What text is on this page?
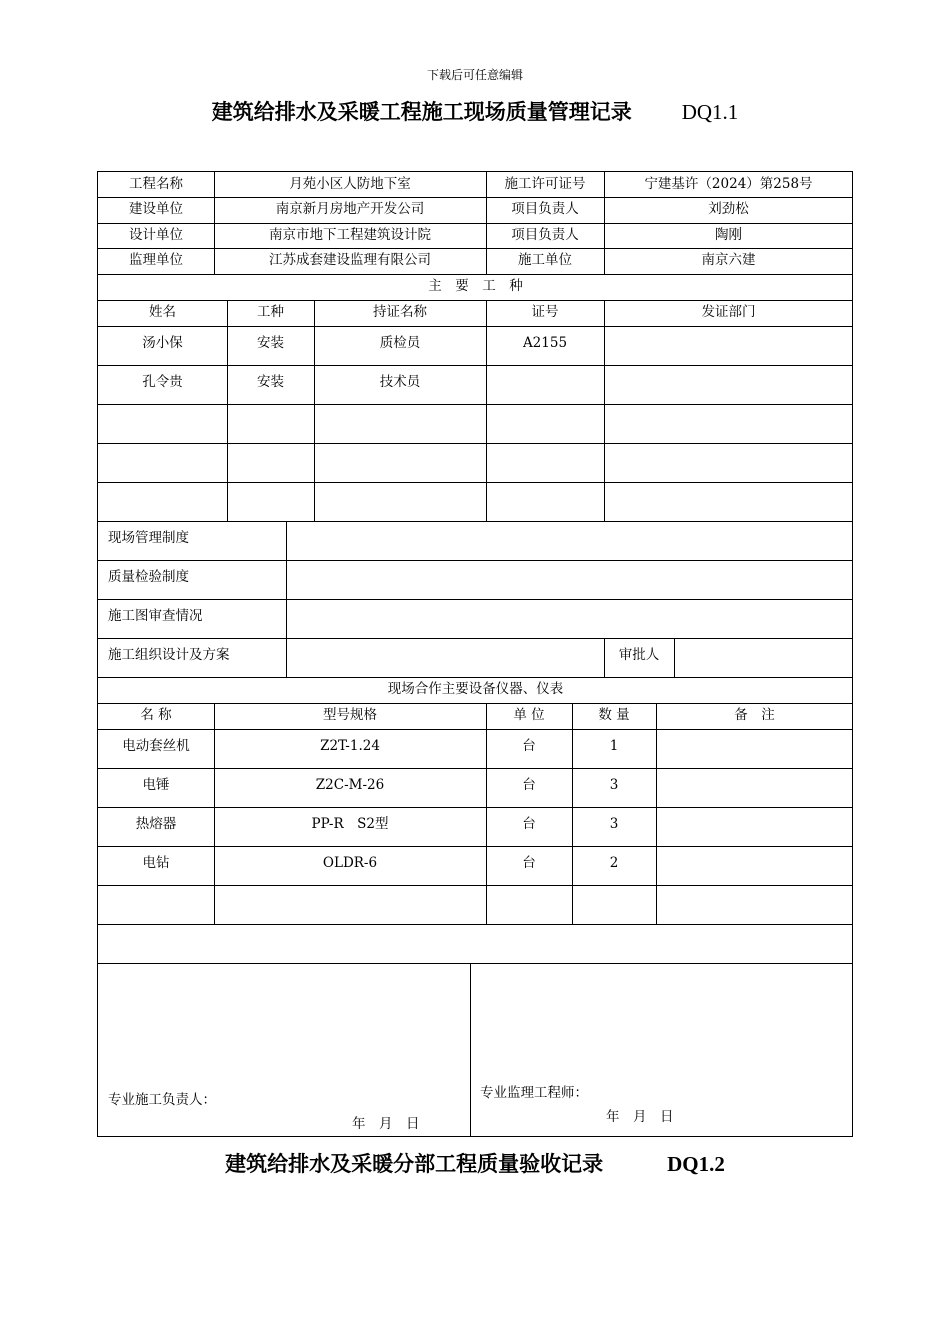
下载后可任意编辑
建筑给排水及采暖工程施工现场质量管理记录 DQ1.1
工程名称	月苑小区人防地下室	施工许可证号	宁建基许（2024）第258号
建设单位	南京新月房地产开发公司	项目负责人	刘劲松
设计单位	南京市地下工程建筑设计院	项目负责人	陶刚
监理单位	江苏成套建设监理有限公司	施工单位	南京六建
主　要　工　种
姓名	工种	持证名称	证号	发证部门
汤小保	安装	质检员	A2155
孔令贵	安装	技术员
现场管理制度
质量检验制度
施工图审查情况
施工组织设计及方案	审批人
现场合作主要设备仪器、仪表
名 称	型号规格	单 位	数 量	备　注
电动套丝机	Z2T-1.24	台	1
电锤	Z2C-M-26	台	3
热熔器	PP-R　S2型	台	3
电钻	OLDR-6	台	2
专业施工负责人：
年　月　日
专业监理工程师：
年　月　日
建筑给排水及采暖分部工程质量验收记录	DQ1.2
